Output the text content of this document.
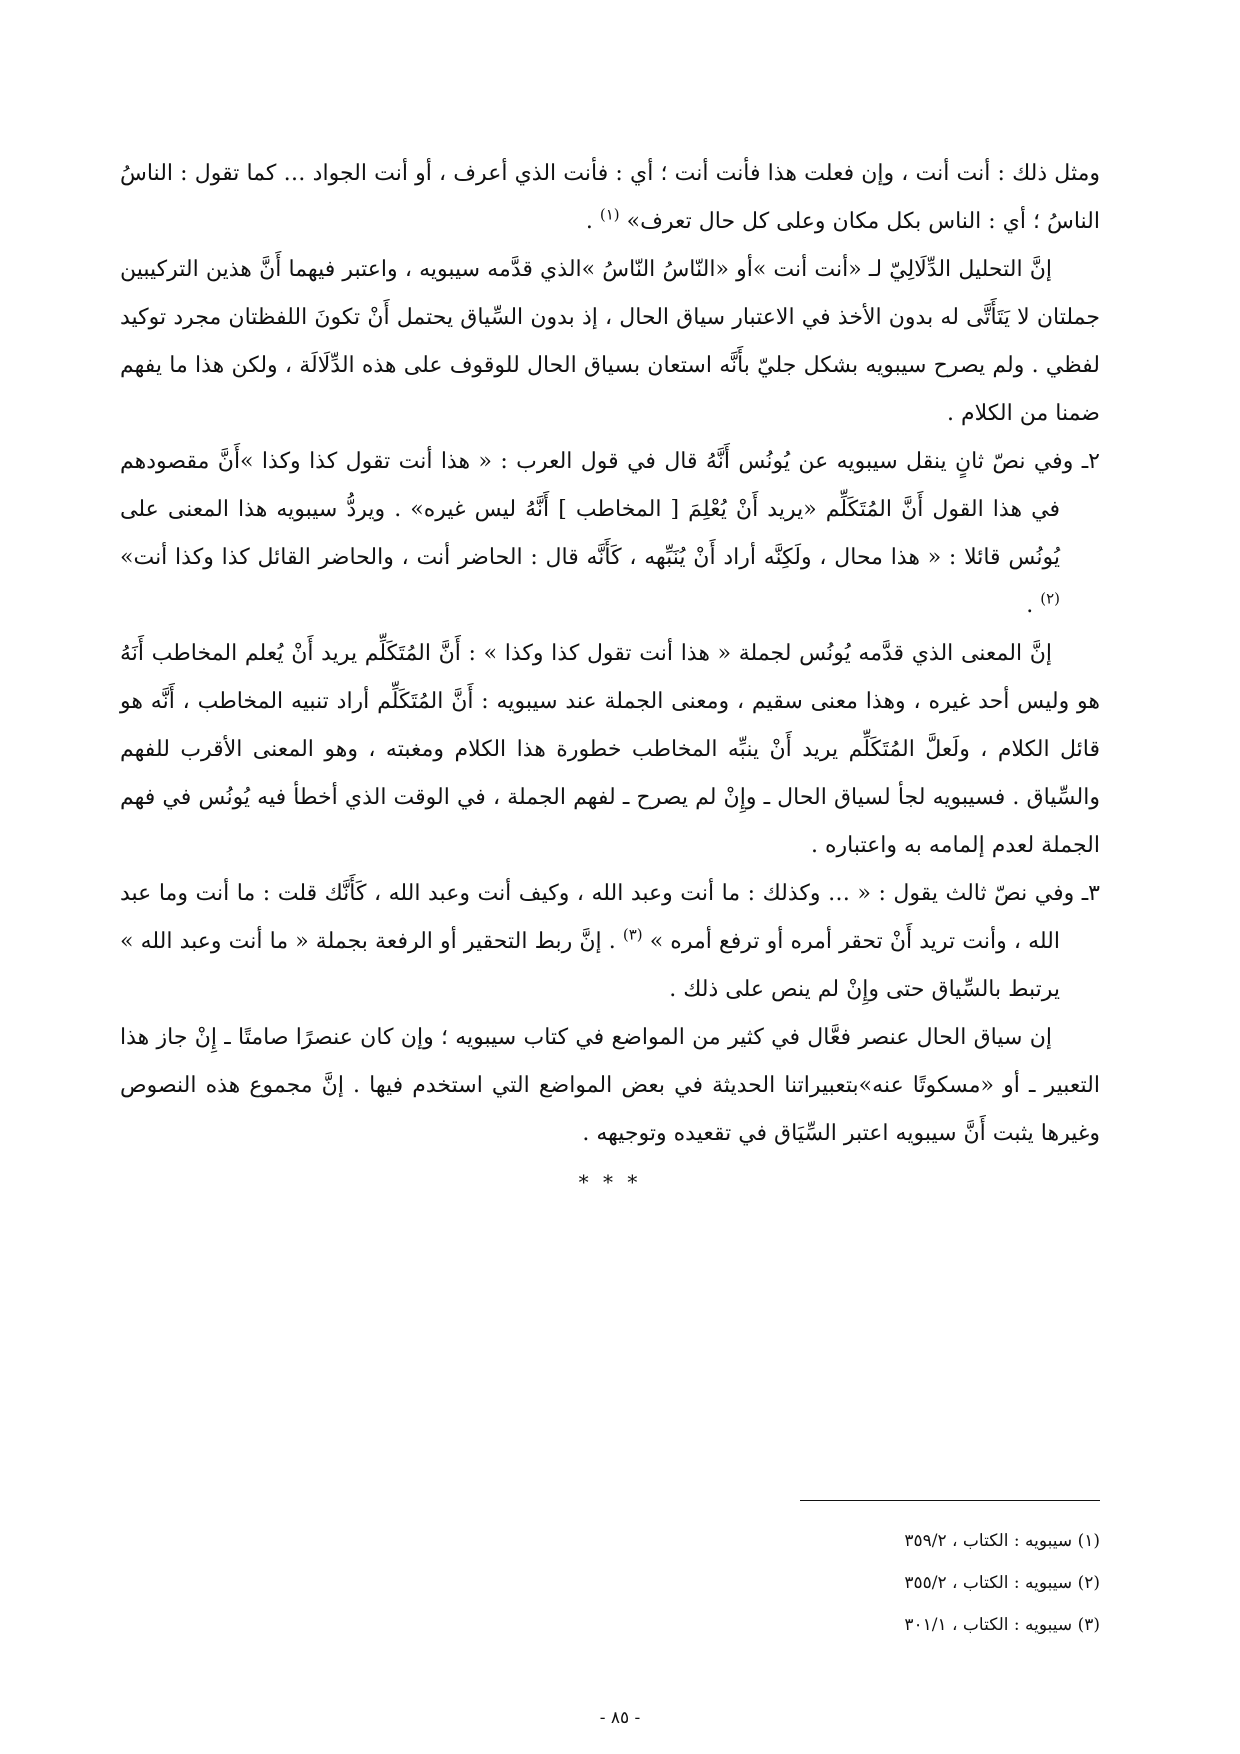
ومثل ذلك : أنت أنت ، وإن فعلت هذا فأنت أنت ؛ أي : فأنت الذي أعرف ، أو أنت الجواد … كما تقول : الناسُ الناسُ ؛ أي : الناس بكل مكان وعلى كل حال تعرف» $^{(١)}$ .

إنَّ التحليل الدِّلَالِيّ لـ «أنت أنت »أو «النّاسُ النّاسُ »الذي قدَّمه سيبويه ، واعتبر فيهما أَنَّ هذين التركيبين جملتان لا يَتَأَتَّى له بدون الأخذ في الاعتبار سياق الحال ، إذ بدون السِّياق يحتمل أَنْ تكونَ اللفظتان مجرد توكيد لفظي . ولم يصرح سيبويه بشكل جليّ بأَنَّه استعان بسياق الحال للوقوف على هذه الدِّلَالَة ، ولكن هذا ما يفهم ضمنا من الكلام .

٢ـ وفي نصّ ثانٍ ينقل سيبويه عن يُونُس أَنَّهُ قال في قول العرب : « هذا أنت تقول كذا وكذا »أَنَّ مقصودهم في هذا القول أَنَّ المُتَكَلِّم «يريد أَنْ يُعْلِمَ [ المخاطب ] أَنَّهُ ليس غيره» . ويردُّ سيبويه هذا المعنى على يُونُس قائلا : « هذا محال ، ولَكِنَّه أراد أَنْ يُنَبِّهه ، كَأَنَّه قال : الحاضر أنت ، والحاضر القائل كذا وكذا أنت» $^{(٢)}$ .

إنَّ المعنى الذي قدَّمه يُونُس لجملة « هذا أنت تقول كذا وكذا » : أَنَّ المُتَكَلِّم يريد أَنْ يُعلم المخاطب أَنَهُ هو وليس أحد غيره ، وهذا معنى سقيم ، ومعنى الجملة عند سيبويه : أَنَّ المُتَكَلِّم أراد تنبيه المخاطب ، أَنَّه هو قائل الكلام ، ولَعلَّ المُتَكَلِّم يريد أَنْ ينبِّه المخاطب خطورة هذا الكلام ومغبته ، وهو المعنى الأقرب للفهم والسِّياق . فسيبويه لجأ لسياق الحال ـ وإِنْ لم يصرح ـ لفهم الجملة ، في الوقت الذي أخطأ فيه يُونُس في فهم الجملة لعدم إلمامه به واعتباره .

٣ـ وفي نصّ ثالث يقول : « … وكذلك : ما أنت وعبد الله ، وكيف أنت وعبد الله ، كَأَنَّك قلت : ما أنت وما عبد الله ، وأنت تريد أَنْ تحقر أمره أو ترفع أمره » $^{(٣)}$ . إنَّ ربط التحقير أو الرفعة بجملة « ما أنت وعبد الله » يرتبط بالسِّياق حتى وإِنْ لم ينص على ذلك .

إن سياق الحال عنصر فعَّال في كثير من المواضع في كتاب سيبويه ؛ وإن كان عنصرًا صامتًا ـ إِنْ جاز هذا التعبير ـ أو «مسكوتًا عنه»بتعبيراتنا الحديثة في بعض المواضع التي استخدم فيها . إنَّ مجموع هذه النصوص وغيرها يثبت أَنَّ سيبويه اعتبر السِّيَاق في تقعيده وتوجيهه .

* * *

(١) سيبويه : الكتاب ، ٣٥٩/٢

(٢) سيبويه : الكتاب ، ٣٥٥/٢

(٣) سيبويه : الكتاب ، ٣٠١/١

- ٨٥ -
